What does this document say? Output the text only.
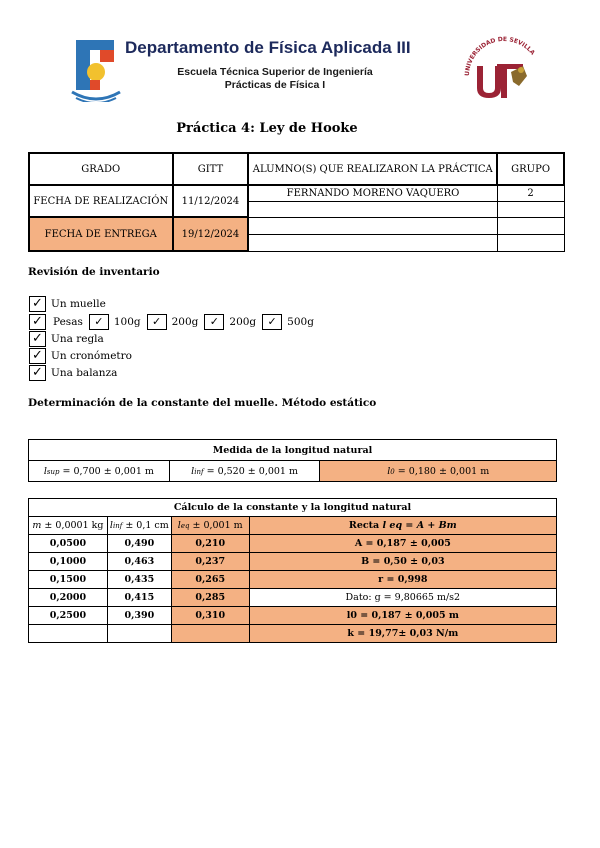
Departamento de Física Aplicada III
Escuela Técnica Superior de Ingeniería
Prácticas de Física I
UNIVERSIDAD DE SEVILLA
Práctica 4: Ley de Hooke
GRADO	GITT	ALUMNO(S) QUE REALIZARON LA PRÁCTICA	GRUPO
FECHA DE REALIZACIÓN	11/12/2024	FERNANDO MORENO VAQUERO	2

FECHA DE ENTREGA	19/12/2024		

Revisión de inventario
✓ Un muelle
✓ Pesas	✓ 100g	✓ 200g	✓ 200g	✓ 500g
✓ Una regla
✓ Un cronómetro
✓ Una balanza
Determinación de la constante del muelle. Método estático
Medida de la longitud natural
lsup = 0,700 ± 0,001 m	linf = 0,520 ± 0,001 m	l0 = 0,180 ± 0,001 m
Cálculo de la constante y la longitud natural			
m ± 0,0001 kg	linf ± 0,1 cm	leq ± 0,001 m	Recta l eq = A + Bm
0,0500	0,490	0,210	A = 0,187 ± 0,005
0,1000	0,463	0,237	B = 0,50 ± 0,03
0,1500	0,435	0,265	r = 0,998
0,2000	0,415	0,285	Dato: g = 9,80665 m/s2
0,2500	0,390	0,310	l0 = 0,187 ± 0,005 m
			k = 19,77± 0,03 N/m
